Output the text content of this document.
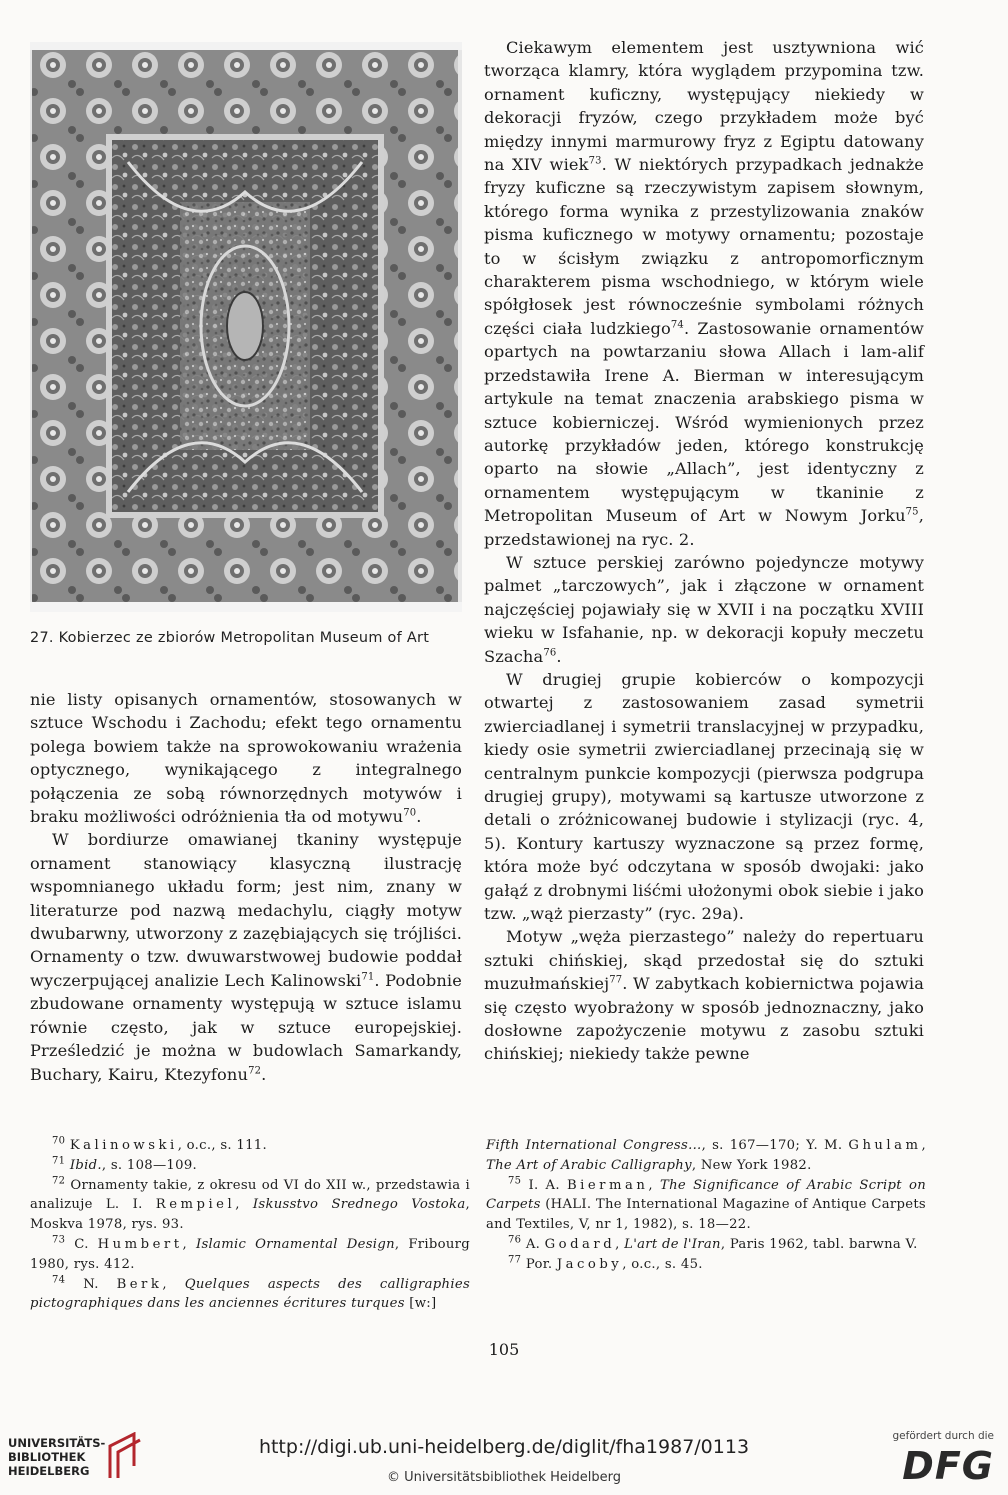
27. Kobierzec ze zbiorów Metropolitan Museum of Art

nie listy opisanych ornamentów, stosowanych w sztuce Wschodu i Zachodu; efekt tego ornamentu polega bowiem także na sprowokowaniu wrażenia optycznego, wynikającego z integralnego połączenia ze sobą równorzędnych motywów i braku możliwości odróżnienia tła od motywu$^{70}$.

W bordiurze omawianej tkaniny występuje ornament stanowiący klasyczną ilustrację wspomnianego układu form; jest nim, znany w literaturze pod nazwą medachylu, ciągły motyw dwubarwny, utworzony z zazębiających się trójliści. Ornamenty o tzw. dwuwarstwowej budowie poddał wyczerpującej analizie Lech Kalinowski$^{71}$. Podobnie zbudowane ornamenty występują w sztuce islamu równie często, jak w sztuce europejskiej. Prześledzić je można w budowlach Samarkandy, Buchary, Kairu, Ktezyfonu$^{72}$.

Ciekawym elementem jest usztywniona wić tworząca klamry, która wyglądem przypomina tzw. ornament kuficzny, występujący niekiedy w dekoracji fryzów, czego przykładem może być między innymi marmurowy fryz z Egiptu datowany na XIV wiek$^{73}$. W niektórych przypadkach jednakże fryzy kuficzne są rzeczywistym zapisem słownym, którego forma wynika z przestylizowania znaków pisma kuficznego w motywy ornamentu; pozostaje to w ścisłym związku z antropomorficznym charakterem pisma wschodniego, w którym wiele spółgłosek jest równocześnie symbolami różnych części ciała ludzkiego$^{74}$. Zastosowanie ornamentów opartych na powtarzaniu słowa Allach i lam-alif przedstawiła Irene A. Bierman w interesującym artykule na temat znaczenia arabskiego pisma w sztuce kobierniczej. Wśród wymienionych przez autorkę przykładów jeden, którego konstrukcję oparto na słowie „Allach”, jest identyczny z ornamentem występującym w tkaninie z Metropolitan Museum of Art w Nowym Jorku$^{75}$, przedstawionej na ryc. 2.

W sztuce perskiej zarówno pojedyncze motywy palmet „tarczowych”, jak i złączone w ornament najczęściej pojawiały się w XVII i na początku XVIII wieku w Isfahanie, np. w dekoracji kopuły meczetu Szacha$^{76}$.

W drugiej grupie kobierców o kompozycji otwartej z zastosowaniem zasad symetrii zwierciadlanej i symetrii translacyjnej w przypadku, kiedy osie symetrii zwierciadlanej przecinają się w centralnym punkcie kompozycji (pierwsza podgrupa drugiej grupy), motywami są kartusze utworzone z detali o zróżnicowanej budowie i stylizacji (ryc. 4, 5). Kontury kartuszy wyznaczone są przez formę, która może być odczytana w sposób dwojaki: jako gałąź z drobnymi liśćmi ułożonymi obok siebie i jako tzw. „wąż pierzasty” (ryc. 29a).

Motyw „węża pierzastego” należy do repertuaru sztuki chińskiej, skąd przedostał się do sztuki muzułmańskiej$^{77}$. W zabytkach kobiernictwa pojawia się często wyobrażony w sposób jednoznaczny, jako dosłowne zapożyczenie motywu z zasobu sztuki chińskiej; niekiedy także pewne

$^{70}$ Kalinowski, o.c., s. 111.

$^{71}$ Ibid., s. 108—109.

$^{72}$ Ornamenty takie, z okresu od VI do XII w., przedstawia i analizuje L. I. Rempiel, Iskusstvo Srednego Vostoka, Moskva 1978, rys. 93.

$^{73}$ C. Humbert, Islamic Ornamental Design, Fribourg 1980, rys. 412.

$^{74}$ N. Berk, Quelques aspects des calligraphies pictographiques dans les anciennes écritures turques [w:]

Fifth International Congress..., s. 167—170; Y. M. Ghulam, The Art of Arabic Calligraphy, New York 1982.

$^{75}$ I. A. Bierman, The Significance of Arabic Script on Carpets (HALI. The International Magazine of Antique Carpets and Textiles, V, nr 1, 1982), s. 18—22.

$^{76}$ A. Godard, L'art de l'Iran, Paris 1962, tabl. barwna V.

$^{77}$ Por. Jacoby, o.c., s. 45.

105
UNIVERSITÄTS-
BIBLIOTHEK
HEIDELBERG
http://digi.ub.uni-heidelberg.de/diglit/fha1987/0113
© Universitätsbibliothek Heidelberg
gefördert durch die
DFG
